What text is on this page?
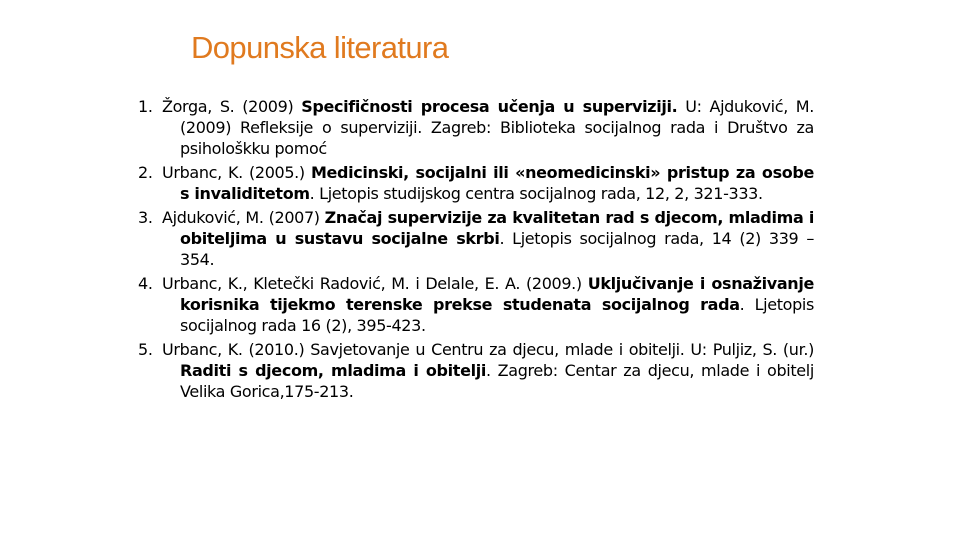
Dopunska literatura
1. Žorga, S. (2009) Specifičnosti procesa učenja u superviziji. U: Ajduković, M. (2009) Refleksije o superviziji. Zagreb: Biblioteka socijalnog rada i Društvo za psihološkku pomoć
2. Urbanc, K. (2005.) Medicinski, socijalni ili «neomedicinski» pristup za osobe s invaliditetom. Ljetopis studijskog centra socijalnog rada, 12, 2, 321-333.
3. Ajduković, M. (2007) Značaj supervizije za kvalitetan rad s djecom, mladima i obiteljima u sustavu socijalne skrbi. Ljetopis socijalnog rada, 14 (2) 339 – 354.
4. Urbanc, K., Kletečki Radović, M. i Delale, E. A. (2009.) Uključivanje i osnaživanje korisnika tijekmo terenske prekse studenata socijalnog rada. Ljetopis socijalnog rada 16 (2), 395-423.
5. Urbanc, K. (2010.) Savjetovanje u Centru za djecu, mlade i obitelji. U: Puljiz, S. (ur.) Raditi s djecom, mladima i obitelji. Zagreb: Centar za djecu, mlade i obitelj Velika Gorica,175-213.
